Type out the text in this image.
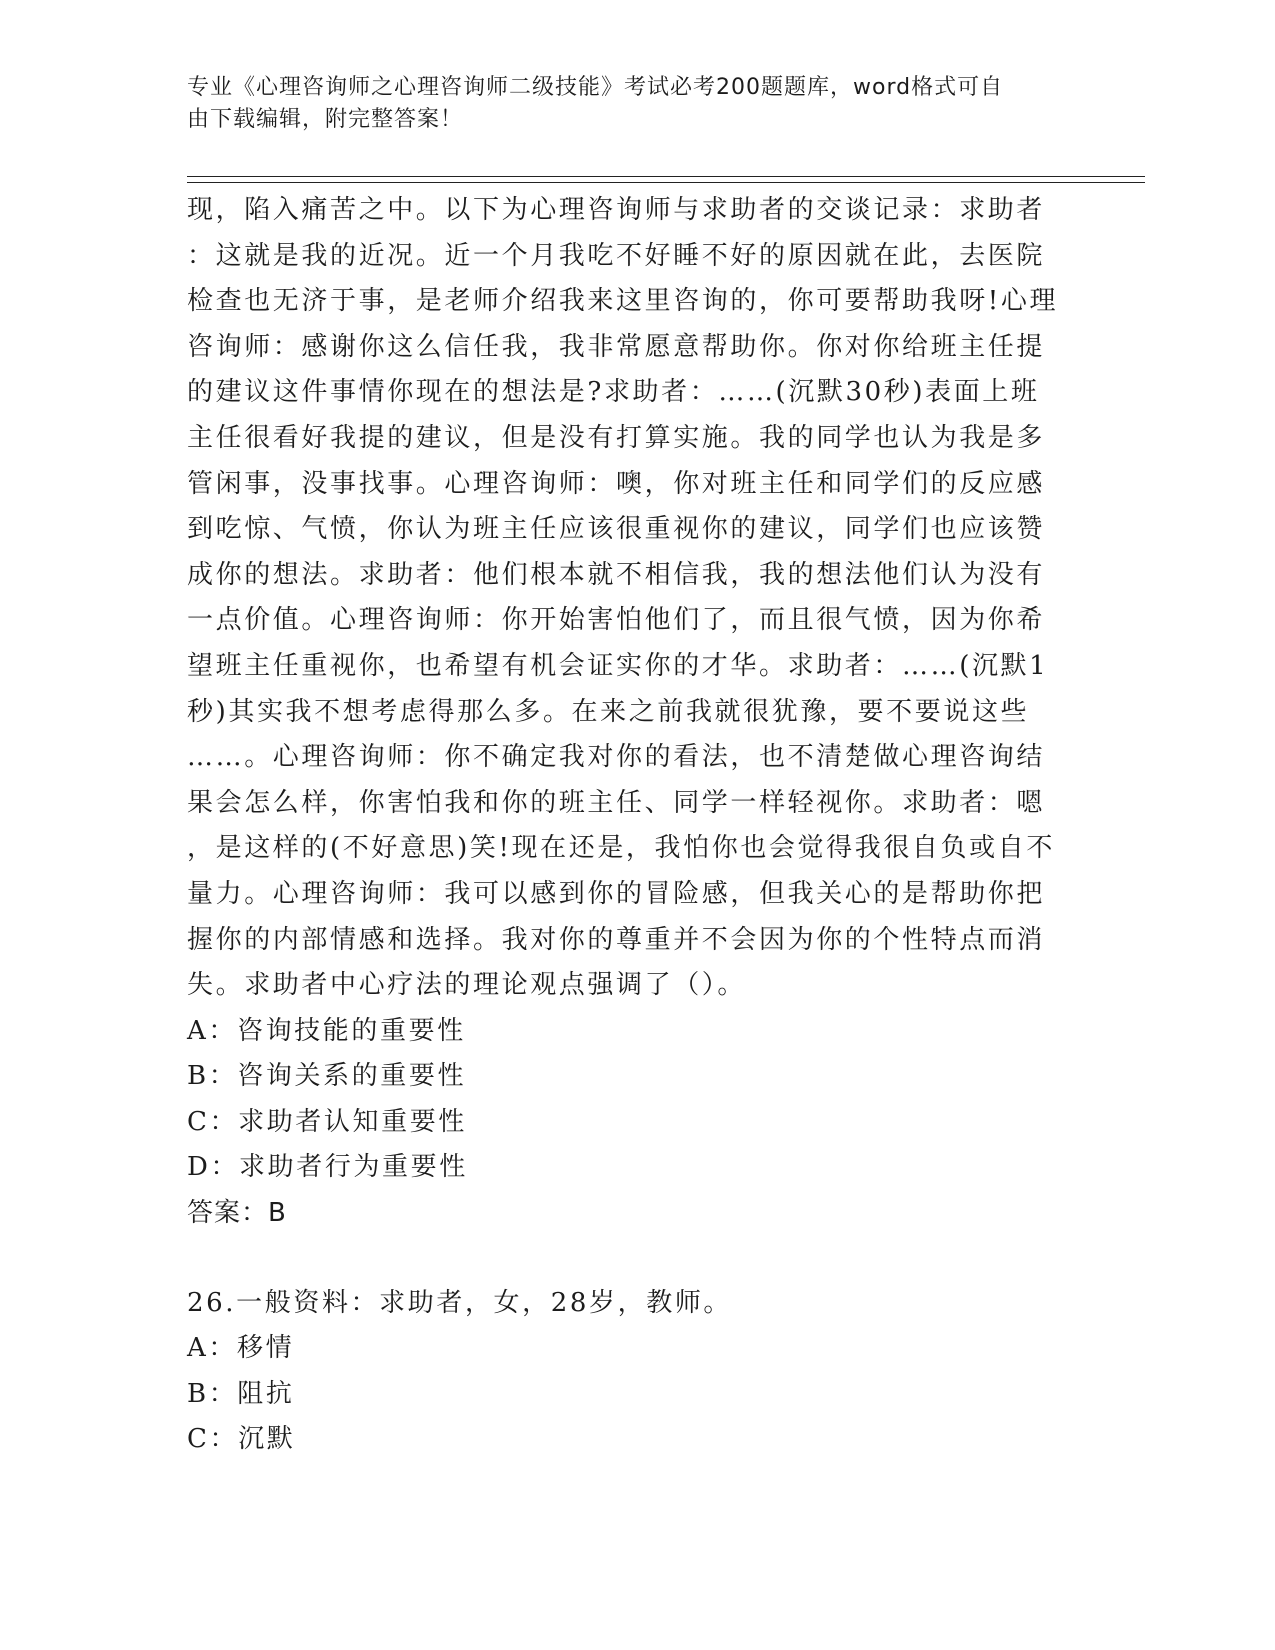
专业《心理咨询师之心理咨询师二级技能》考试必考200题题库，word格式可自
由下载编辑，附完整答案！

现，陷入痛苦之中。以下为心理咨询师与求助者的交谈记录：求助者
：这就是我的近况。近一个月我吃不好睡不好的原因就在此，去医院
检查也无济于事，是老师介绍我来这里咨询的，你可要帮助我呀!心理
咨询师：感谢你这么信任我，我非常愿意帮助你。你对你给班主任提
的建议这件事情你现在的想法是?求助者：……(沉默30秒)表面上班
主任很看好我提的建议，但是没有打算实施。我的同学也认为我是多
管闲事，没事找事。心理咨询师：噢，你对班主任和同学们的反应感
到吃惊、气愤，你认为班主任应该很重视你的建议，同学们也应该赞
成你的想法。求助者：他们根本就不相信我，我的想法他们认为没有
一点价值。心理咨询师：你开始害怕他们了，而且很气愤，因为你希
望班主任重视你，也希望有机会证实你的才华。求助者：……(沉默1
秒)其实我不想考虑得那么多。在来之前我就很犹豫，要不要说这些
……。心理咨询师：你不确定我对你的看法，也不清楚做心理咨询结
果会怎么样，你害怕我和你的班主任、同学一样轻视你。求助者：嗯
，是这样的(不好意思)笑!现在还是，我怕你也会觉得我很自负或自不
量力。心理咨询师：我可以感到你的冒险感，但我关心的是帮助你把
握你的内部情感和选择。我对你的尊重并不会因为你的个性特点而消
失。求助者中心疗法的理论观点强调了（）。

A：咨询技能的重要性
B：咨询关系的重要性
C：求助者认知重要性
D：求助者行为重要性
答案：B
26.一般资料：求助者，女，28岁，教师。
A：移情
B：阻抗
C：沉默
